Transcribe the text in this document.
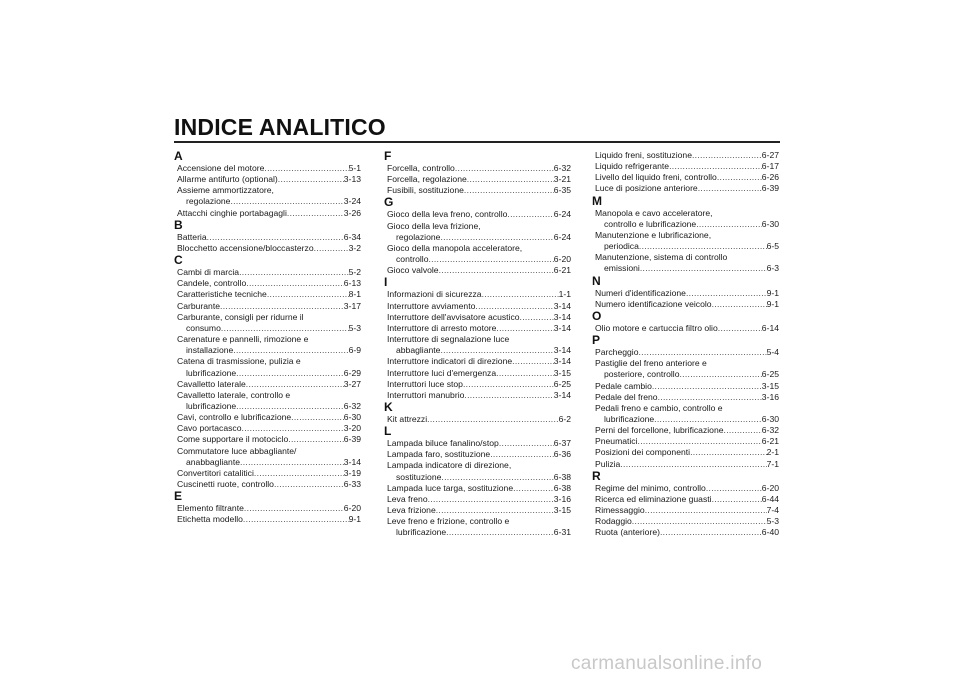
INDICE ANALITICO
A
Accensione del motore .....	5-1
Allarme antifurto (optional) .....	3-13
Assieme ammortizzatore,
regolazione .....	3-24
Attacchi cinghie portabagagli .....	3-26
B
Batteria .....	6-34
Blocchetto accensione/bloccasterzo .....	3-2
C
Cambi di marcia .....	5-2
Candele, controllo .....	6-13
Caratteristiche tecniche .....	8-1
Carburante .....	3-17
Carburante, consigli per ridurne il
consumo .....	5-3
Carenature e pannelli, rimozione e
installazione .....	6-9
Catena di trasmissione, pulizia e
lubrificazione .....	6-29
Cavalletto laterale .....	3-27
Cavalletto laterale, controllo e
lubrificazione .....	6-32
Cavi, controllo e lubrificazione .....	6-30
Cavo portacasco .....	3-20
Come supportare il motociclo .....	6-39
Commutatore luce abbagliante/
anabbagliante .....	3-14
Convertitori catalitici .....	3-19
Cuscinetti ruote, controllo .....	6-33
E
Elemento filtrante .....	6-20
Etichetta modello .....	9-1
F
Forcella, controllo .....	6-32
Forcella, regolazione .....	3-21
Fusibili, sostituzione .....	6-35
G
Gioco della leva freno, controllo .....	6-24
Gioco della leva frizione,
regolazione .....	6-24
Gioco della manopola acceleratore,
controllo .....	6-20
Gioco valvole .....	6-21
I
Informazioni di sicurezza .....	1-1
Interruttore avviamento .....	3-14
Interruttore dell'avvisatore acustico .....	3-14
Interruttore di arresto motore .....	3-14
Interruttore di segnalazione luce
abbagliante .....	3-14
Interruttore indicatori di direzione .....	3-14
Interruttore luci d'emergenza .....	3-15
Interruttori luce stop .....	6-25
Interruttori manubrio .....	3-14
K
Kit attrezzi .....	6-2
L
Lampada biluce fanalino/stop .....	6-37
Lampada faro, sostituzione .....	6-36
Lampada indicatore di direzione,
sostituzione .....	6-38
Lampada luce targa, sostituzione .....	6-38
Leva freno .....	3-16
Leva frizione .....	3-15
Leve freno e frizione, controllo e
lubrificazione .....	6-31
Liquido freni, sostituzione .....	6-27
Liquido refrigerante .....	6-17
Livello del liquido freni, controllo .....	6-26
Luce di posizione anteriore .....	6-39
M
Manopola e cavo acceleratore,
controllo e lubrificazione .....	6-30
Manutenzione e lubrificazione,
periodica .....	6-5
Manutenzione, sistema di controllo
emissioni .....	6-3
N
Numeri d'identificazione .....	9-1
Numero identificazione veicolo .....	9-1
O
Olio motore e cartuccia filtro olio .....	6-14
P
Parcheggio .....	5-4
Pastiglie del freno anteriore e
posteriore, controllo .....	6-25
Pedale cambio .....	3-15
Pedale del freno .....	3-16
Pedali freno e cambio, controllo e
lubrificazione .....	6-30
Perni del forcellone, lubrificazione .....	6-32
Pneumatici .....	6-21
Posizioni dei componenti .....	2-1
Pulizia .....	7-1
R
Regime del minimo, controllo .....	6-20
Ricerca ed eliminazione guasti .....	6-44
Rimessaggio .....	7-4
Rodaggio .....	5-3
Ruota (anteriore) .....	6-40
carmanualsonline.info
